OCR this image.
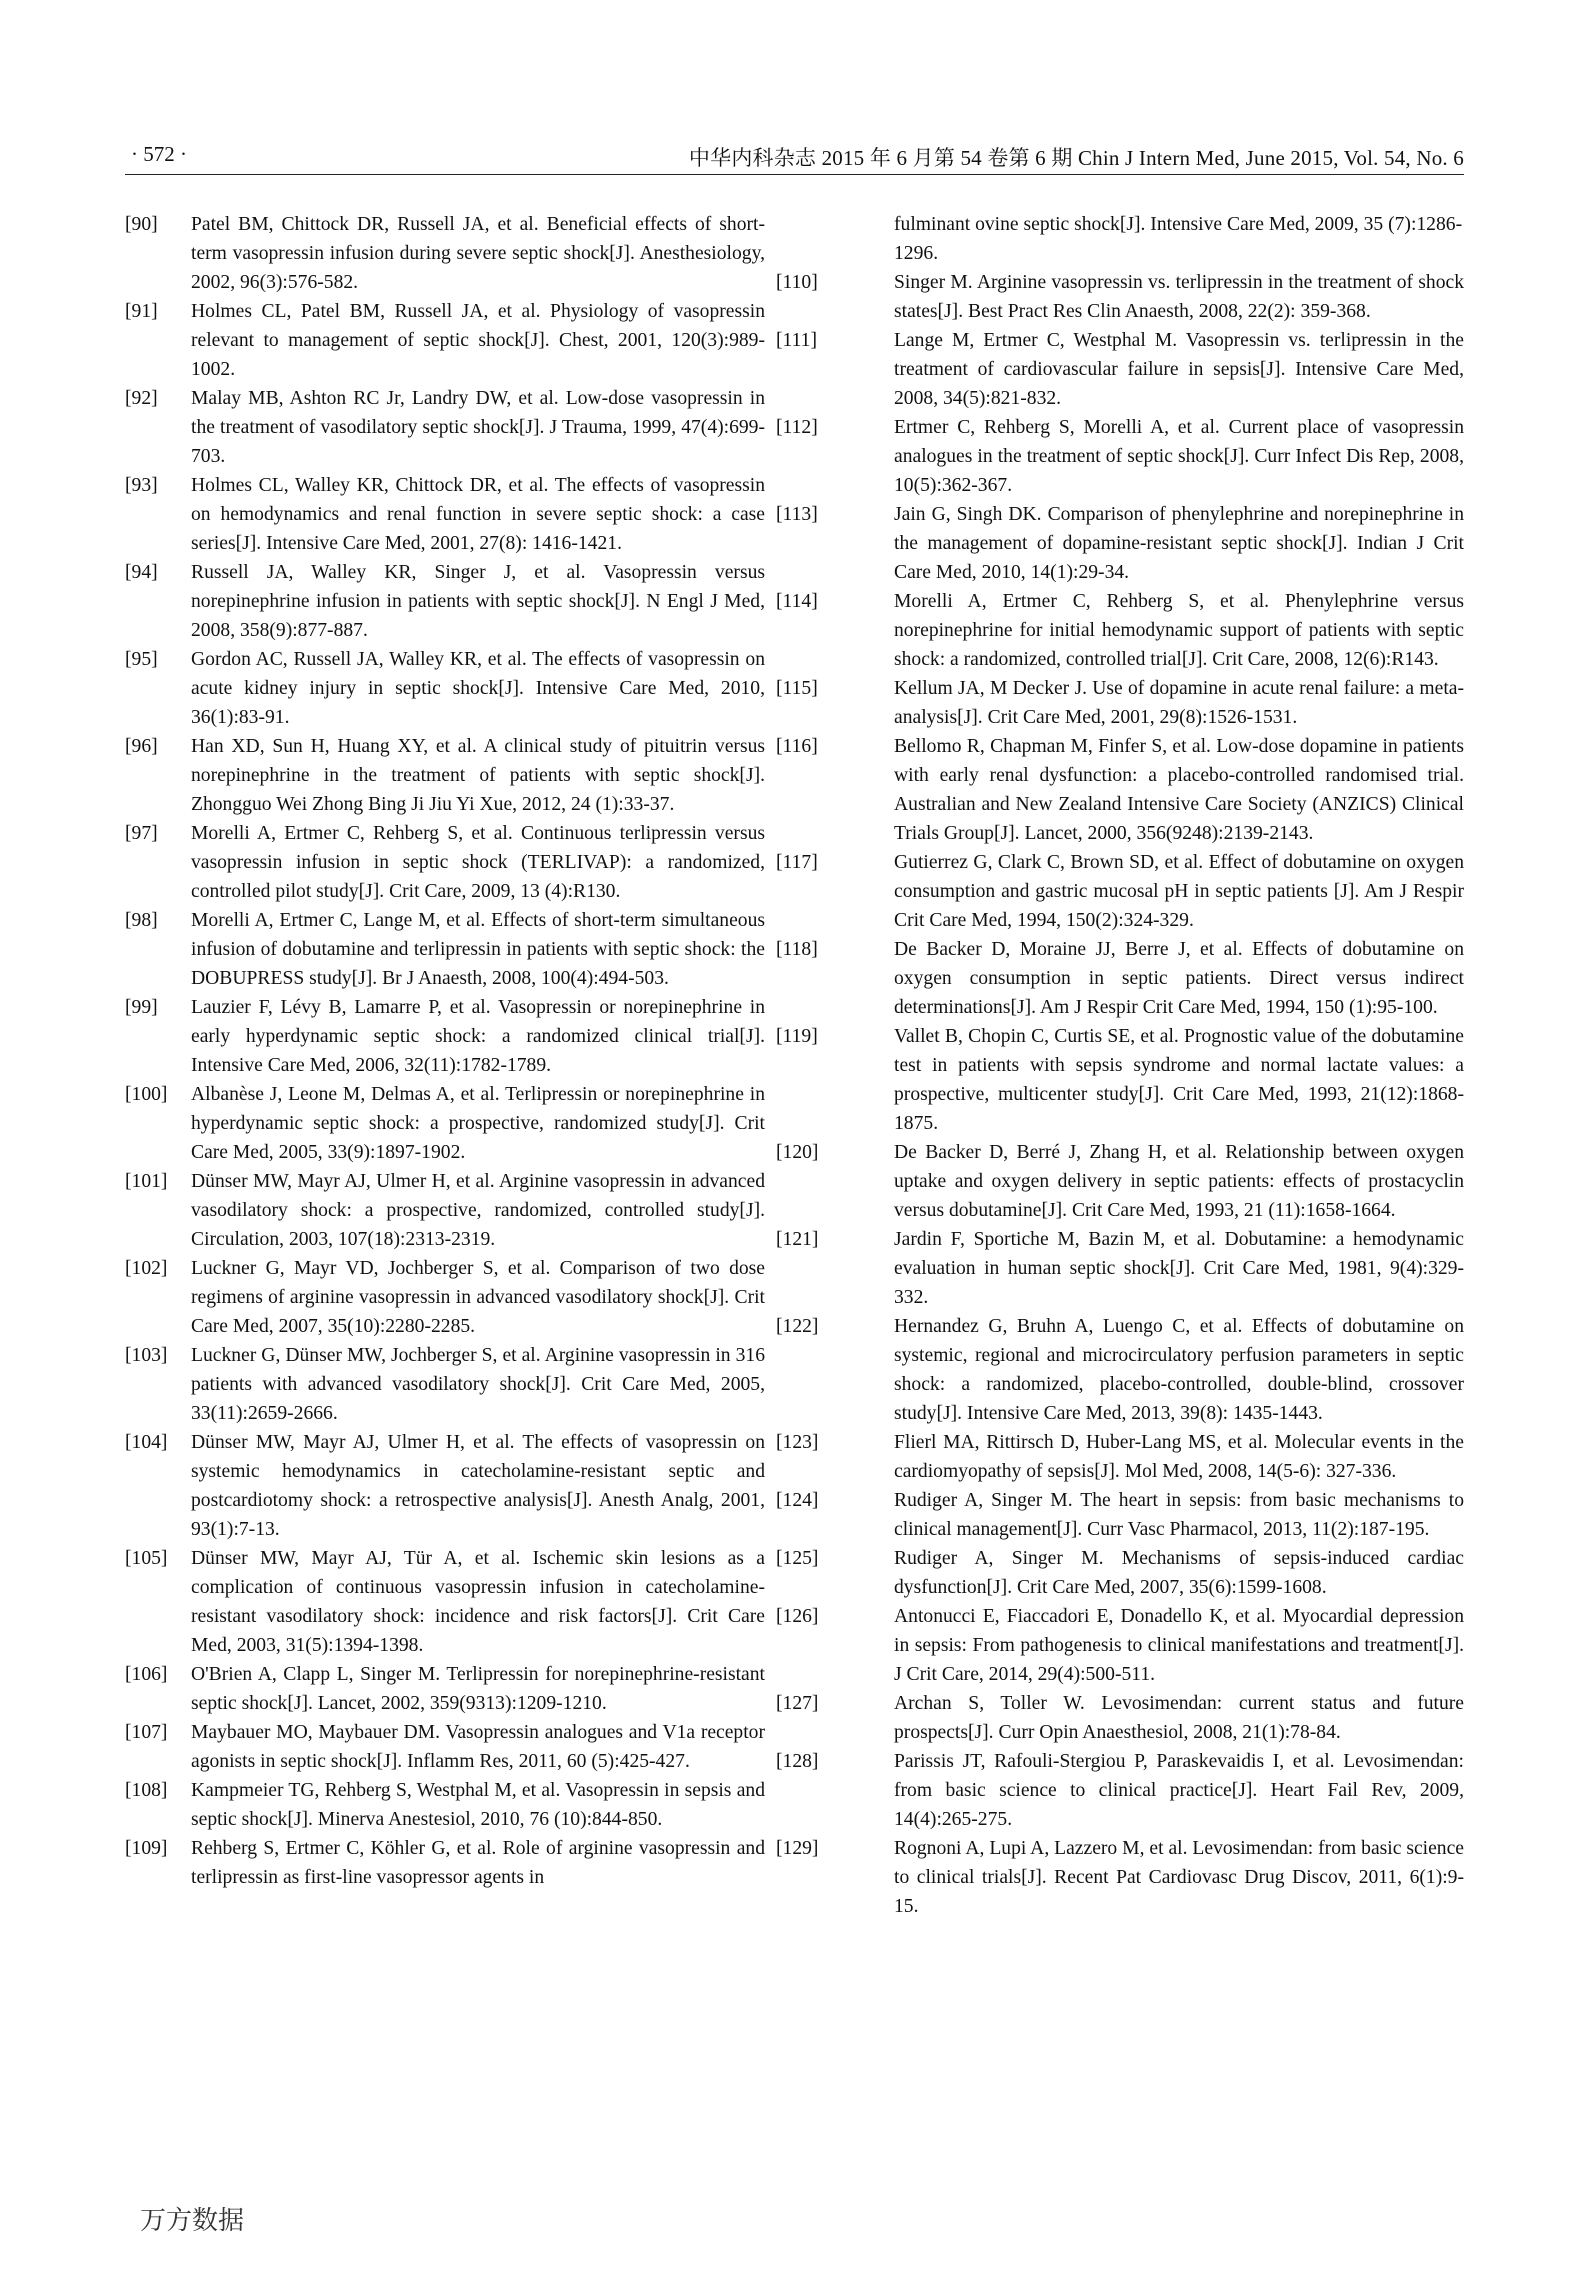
· 572 ·	中华内科杂志 2015 年 6 月第 54 卷第 6 期 Chin J Intern Med, June 2015, Vol. 54, No. 6
[90] Patel BM, Chittock DR, Russell JA, et al. Beneficial effects of short-term vasopressin infusion during severe septic shock[J]. Anesthesiology, 2002, 96(3):576-582.
[91] Holmes CL, Patel BM, Russell JA, et al. Physiology of vasopressin relevant to management of septic shock[J]. Chest, 2001, 120(3):989-1002.
[92] Malay MB, Ashton RC Jr, Landry DW, et al. Low-dose vasopressin in the treatment of vasodilatory septic shock[J]. J Trauma, 1999, 47(4):699-703.
[93] Holmes CL, Walley KR, Chittock DR, et al. The effects of vasopressin on hemodynamics and renal function in severe septic shock: a case series[J]. Intensive Care Med, 2001, 27(8): 1416-1421.
[94] Russell JA, Walley KR, Singer J, et al. Vasopressin versus norepinephrine infusion in patients with septic shock[J]. N Engl J Med, 2008, 358(9):877-887.
[95] Gordon AC, Russell JA, Walley KR, et al. The effects of vasopressin on acute kidney injury in septic shock[J]. Intensive Care Med, 2010, 36(1):83-91.
[96] Han XD, Sun H, Huang XY, et al. A clinical study of pituitrin versus norepinephrine in the treatment of patients with septic shock[J]. Zhongguo Wei Zhong Bing Ji Jiu Yi Xue, 2012, 24 (1):33-37.
[97] Morelli A, Ertmer C, Rehberg S, et al. Continuous terlipressin versus vasopressin infusion in septic shock (TERLIVAP): a randomized, controlled pilot study[J]. Crit Care, 2009, 13 (4):R130.
[98] Morelli A, Ertmer C, Lange M, et al. Effects of short-term simultaneous infusion of dobutamine and terlipressin in patients with septic shock: the DOBUPRESS study[J]. Br J Anaesth, 2008, 100(4):494-503.
[99] Lauzier F, Lévy B, Lamarre P, et al. Vasopressin or norepinephrine in early hyperdynamic septic shock: a randomized clinical trial[J]. Intensive Care Med, 2006, 32(11):1782-1789.
[100] Albanèse J, Leone M, Delmas A, et al. Terlipressin or norepinephrine in hyperdynamic septic shock: a prospective, randomized study[J]. Crit Care Med, 2005, 33(9):1897-1902.
[101] Dünser MW, Mayr AJ, Ulmer H, et al. Arginine vasopressin in advanced vasodilatory shock: a prospective, randomized, controlled study[J]. Circulation, 2003, 107(18):2313-2319.
[102] Luckner G, Mayr VD, Jochberger S, et al. Comparison of two dose regimens of arginine vasopressin in advanced vasodilatory shock[J]. Crit Care Med, 2007, 35(10):2280-2285.
[103] Luckner G, Dünser MW, Jochberger S, et al. Arginine vasopressin in 316 patients with advanced vasodilatory shock[J]. Crit Care Med, 2005, 33(11):2659-2666.
[104] Dünser MW, Mayr AJ, Ulmer H, et al. The effects of vasopressin on systemic hemodynamics in catecholamine-resistant septic and postcardiotomy shock: a retrospective analysis[J]. Anesth Analg, 2001, 93(1):7-13.
[105] Dünser MW, Mayr AJ, Tür A, et al. Ischemic skin lesions as a complication of continuous vasopressin infusion in catecholamine-resistant vasodilatory shock: incidence and risk factors[J]. Crit Care Med, 2003, 31(5):1394-1398.
[106] O'Brien A, Clapp L, Singer M. Terlipressin for norepinephrine-resistant septic shock[J]. Lancet, 2002, 359(9313):1209-1210.
[107] Maybauer MO, Maybauer DM. Vasopressin analogues and V1a receptor agonists in septic shock[J]. Inflamm Res, 2011, 60 (5):425-427.
[108] Kampmeier TG, Rehberg S, Westphal M, et al. Vasopressin in sepsis and septic shock[J]. Minerva Anestesiol, 2010, 76 (10):844-850.
[109] Rehberg S, Ertmer C, Köhler G, et al. Role of arginine vasopressin and terlipressin as first-line vasopressor agents in
fulminant ovine septic shock[J]. Intensive Care Med, 2009, 35 (7):1286-1296.
[110]	Singer M. Arginine vasopressin vs. terlipressin in the treatment of shock states[J]. Best Pract Res Clin Anaesth, 2008, 22(2): 359-368.
[111]	Lange M, Ertmer C, Westphal M. Vasopressin vs. terlipressin in the treatment of cardiovascular failure in sepsis[J]. Intensive Care Med, 2008, 34(5):821-832.
[112]	Ertmer C, Rehberg S, Morelli A, et al. Current place of vasopressin analogues in the treatment of septic shock[J]. Curr Infect Dis Rep, 2008, 10(5):362-367.
[113]	Jain G, Singh DK. Comparison of phenylephrine and norepinephrine in the management of dopamine-resistant septic shock[J]. Indian J Crit Care Med, 2010, 14(1):29-34.
[114]	Morelli A, Ertmer C, Rehberg S, et al. Phenylephrine versus norepinephrine for initial hemodynamic support of patients with septic shock: a randomized, controlled trial[J]. Crit Care, 2008, 12(6):R143.
[115]	Kellum JA, M Decker J. Use of dopamine in acute renal failure: a meta-analysis[J]. Crit Care Med, 2001, 29(8):1526-1531.
[116]	Bellomo R, Chapman M, Finfer S, et al. Low-dose dopamine in patients with early renal dysfunction: a placebo-controlled randomised trial. Australian and New Zealand Intensive Care Society (ANZICS) Clinical Trials Group[J]. Lancet, 2000, 356(9248):2139-2143.
[117]	Gutierrez G, Clark C, Brown SD, et al. Effect of dobutamine on oxygen consumption and gastric mucosal pH in septic patients [J]. Am J Respir Crit Care Med, 1994, 150(2):324-329.
[118]	De Backer D, Moraine JJ, Berre J, et al. Effects of dobutamine on oxygen consumption in septic patients. Direct versus indirect determinations[J]. Am J Respir Crit Care Med, 1994, 150 (1):95-100.
[119]	Vallet B, Chopin C, Curtis SE, et al. Prognostic value of the dobutamine test in patients with sepsis syndrome and normal lactate values: a prospective, multicenter study[J]. Crit Care Med, 1993, 21(12):1868-1875.
[120]	De Backer D, Berré J, Zhang H, et al. Relationship between oxygen uptake and oxygen delivery in septic patients: effects of prostacyclin versus dobutamine[J]. Crit Care Med, 1993, 21 (11):1658-1664.
[121]	Jardin F, Sportiche M, Bazin M, et al. Dobutamine: a hemodynamic evaluation in human septic shock[J]. Crit Care Med, 1981, 9(4):329-332.
[122]	Hernandez G, Bruhn A, Luengo C, et al. Effects of dobutamine on systemic, regional and microcirculatory perfusion parameters in septic shock: a randomized, placebo-controlled, double-blind, crossover study[J]. Intensive Care Med, 2013, 39(8): 1435-1443.
[123]	Flierl MA, Rittirsch D, Huber-Lang MS, et al. Molecular events in the cardiomyopathy of sepsis[J]. Mol Med, 2008, 14(5-6): 327-336.
[124]	Rudiger A, Singer M. The heart in sepsis: from basic mechanisms to clinical management[J]. Curr Vasc Pharmacol, 2013, 11(2):187-195.
[125]	Rudiger A, Singer M. Mechanisms of sepsis-induced cardiac dysfunction[J]. Crit Care Med, 2007, 35(6):1599-1608.
[126]	Antonucci E, Fiaccadori E, Donadello K, et al. Myocardial depression in sepsis: From pathogenesis to clinical manifestations and treatment[J]. J Crit Care, 2014, 29(4):500-511.
[127]	Archan S, Toller W. Levosimendan: current status and future prospects[J]. Curr Opin Anaesthesiol, 2008, 21(1):78-84.
[128]	Parissis JT, Rafouli-Stergiou P, Paraskevaidis I, et al. Levosimendan: from basic science to clinical practice[J]. Heart Fail Rev, 2009, 14(4):265-275.
[129]	Rognoni A, Lupi A, Lazzero M, et al. Levosimendan: from basic science to clinical trials[J]. Recent Pat Cardiovasc Drug Discov, 2011, 6(1):9-15.
万方数据
